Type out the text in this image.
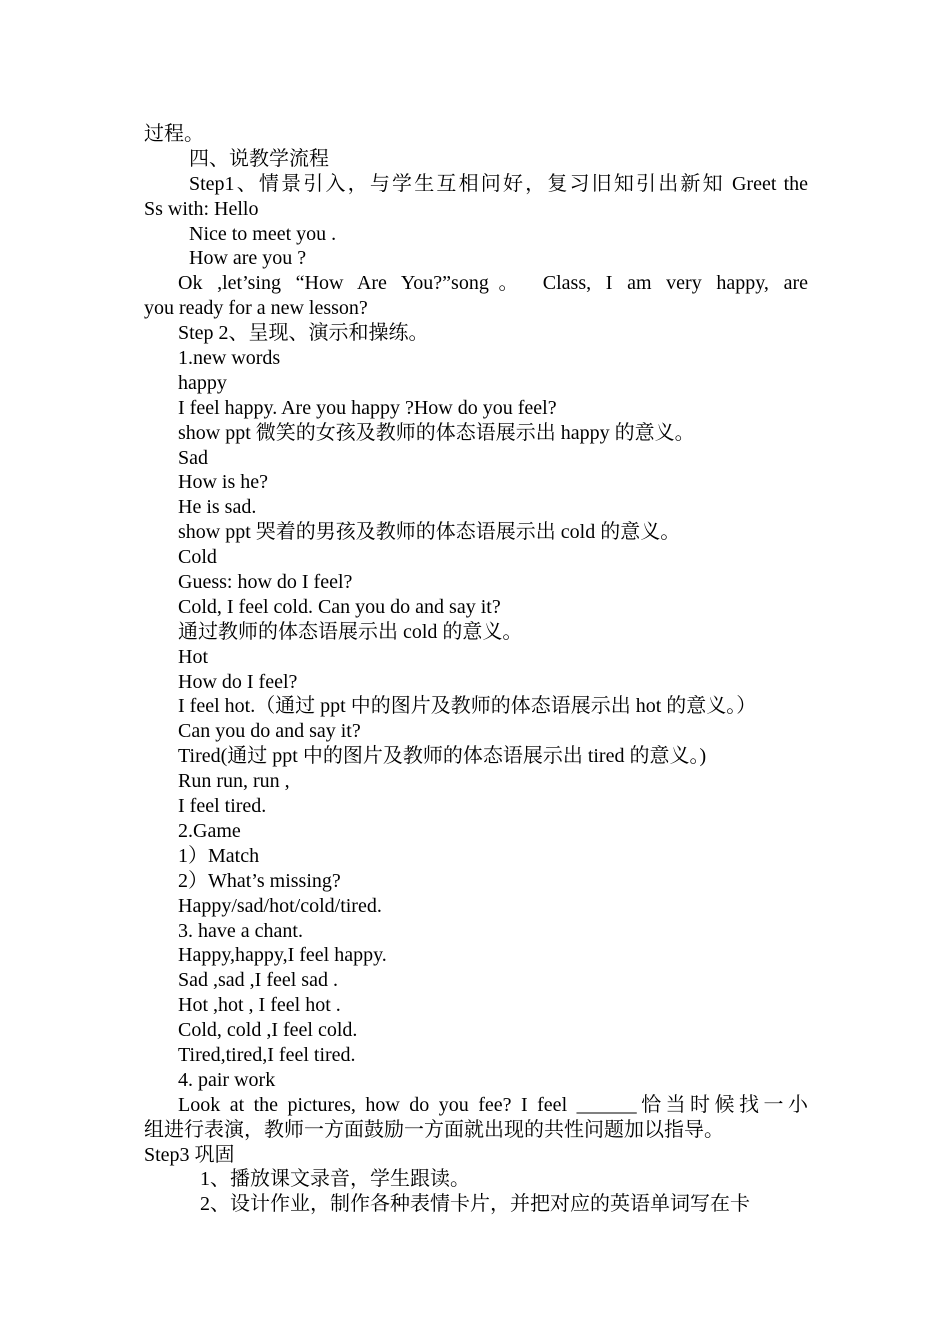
过程。
四、说教学流程
Step1、情景引入，与学生互相问好，复习旧知引出新知 Greet the
Ss with: Hello
Nice to meet you .
How are you ?
Ok ,let’sing “How Are You?”song。 Class, I am very happy, are
you ready for a new lesson?
Step 2、呈现、演示和操练。
1.new words
happy
I feel happy. Are you happy ?How do you feel?
show ppt 微笑的女孩及教师的体态语展示出 happy 的意义。
Sad
How is he?
He is sad.
show ppt 哭着的男孩及教师的体态语展示出 cold 的意义。
Cold
Guess: how do I feel?
Cold, I feel cold. Can you do and say it?
通过教师的体态语展示出 cold 的意义。
Hot
How do I feel?
I feel hot.（通过 ppt 中的图片及教师的体态语展示出 hot 的意义。）
Can you do and say it?
Tired(通过 ppt 中的图片及教师的体态语展示出 tired 的意义。)
Run run, run ,
I feel tired.
2.Game
1）Match
2）What’s missing?
Happy/sad/hot/cold/tired.
3. have a chant.
Happy,happy,I feel happy.
Sad ,sad ,I feel sad .
Hot ,hot , I feel hot .
Cold, cold ,I feel cold.
Tired,tired,I feel tired.
4. pair work
Look at the pictures, how do you fee? I feel ______恰当时候找一小
组进行表演，教师一方面鼓励一方面就出现的共性问题加以指导。
Step3 巩固
1、播放课文录音，学生跟读。
2、设计作业，制作各种表情卡片，并把对应的英语单词写在卡
